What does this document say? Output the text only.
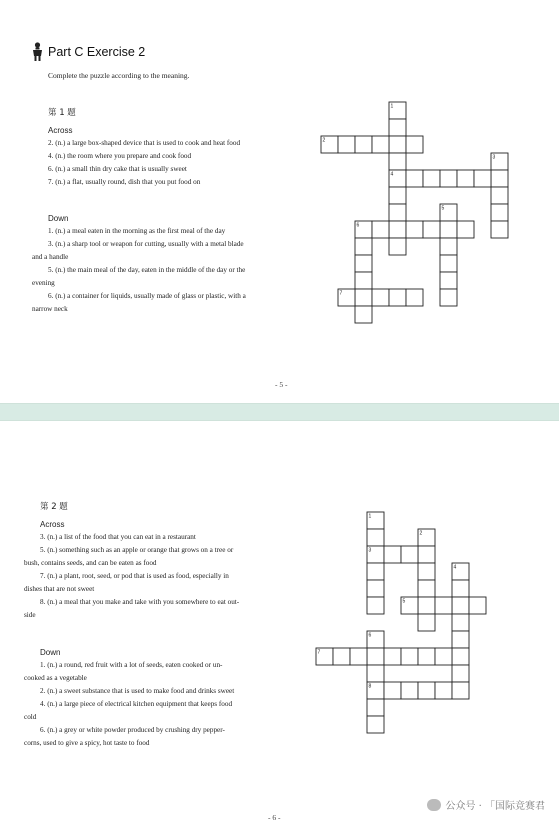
Part C Exercise 2
Complete the puzzle according to the meaning.
第 1 题
Across
2. (n.) a large box-shaped device that is used to cook and heat food
4. (n.) the room where you prepare and cook food
6. (n.) a small thin dry cake that is usually sweet
7. (n.) a flat, usually round, dish that you put food on
Down
1. (n.) a meal eaten in the morning as the first meal of the day
3. (n.) a sharp tool or weapon for cutting, usually with a metal blade
and a handle
5. (n.) the main meal of the day, eaten in the middle of the day or the
evening
6. (n.) a container for liquids, usually made of glass or plastic, with a
narrow neck
1
2
3
4
5
6
7
- 5 -
第 2 题
Across
3. (n.) a list of the food that you can eat in a restaurant
5. (n.) something such as an apple or orange that grows on a tree or
bush, contains seeds, and can be eaten as food
7. (n.) a plant, root, seed, or pod that is used as food, especially in
dishes that are not sweet
8. (n.) a meal that you make and take with you somewhere to eat out-
side
Down
1. (n.) a round, red fruit with a lot of seeds, eaten cooked or un-
cooked as a vegetable
2. (n.) a sweet substance that is used to make food and drinks sweet
4. (n.) a large piece of electrical kitchen equipment that keeps food
cold
6. (n.) a grey or white powder produced by crushing dry pepper-
corns, used to give a spicy, hot taste to food
1
2
3
4
5
6
7
8
- 6 -
公众号 · 「国际竞赛君
